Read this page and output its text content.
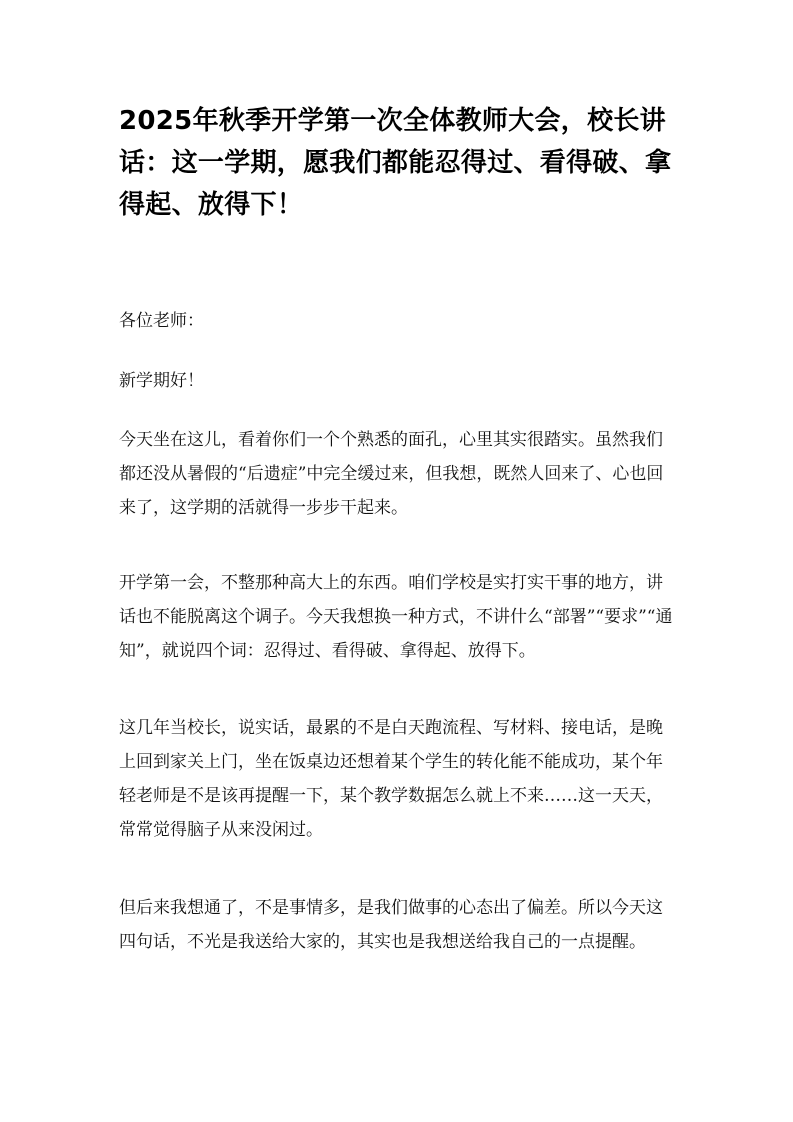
2025年秋季开学第一次全体教师大会，校长讲话：这一学期，愿我们都能忍得过、看得破、拿得起、放得下！

各位老师：

新学期好！

今天坐在这儿，看着你们一个个熟悉的面孔，心里其实很踏实。虽然我们都还没从暑假的“后遗症”中完全缓过来，但我想，既然人回来了、心也回来了，这学期的活就得一步步干起来。

开学第一会，不整那种高大上的东西。咱们学校是实打实干事的地方，讲话也不能脱离这个调子。今天我想换一种方式，不讲什么“部署”“要求”“通知”，就说四个词：忍得过、看得破、拿得起、放得下。

这几年当校长，说实话，最累的不是白天跑流程、写材料、接电话，是晚上回到家关上门，坐在饭桌边还想着某个学生的转化能不能成功，某个年轻老师是不是该再提醒一下，某个教学数据怎么就上不来……这一天天，常常觉得脑子从来没闲过。

但后来我想通了，不是事情多，是我们做事的心态出了偏差。所以今天这四句话，不光是我送给大家的，其实也是我想送给我自己的一点提醒。
